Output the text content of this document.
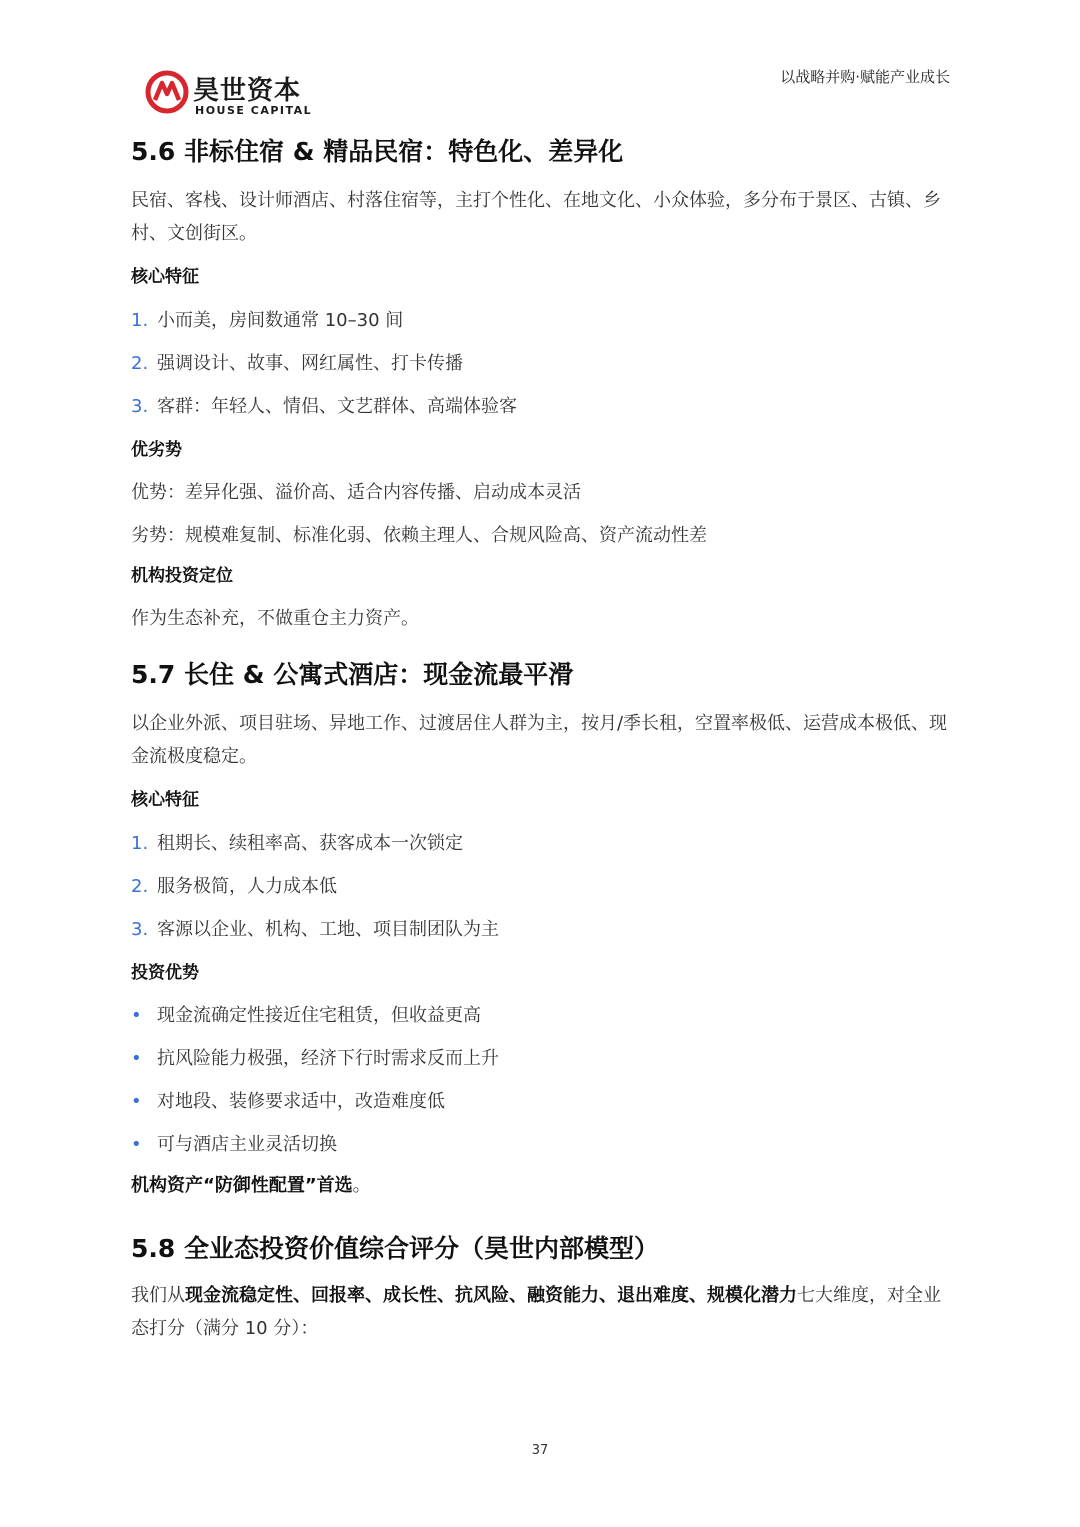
昊世资本
HOUSE CAPITAL
以战略并购·赋能产业成长
5.6 非标住宿 & 精品民宿：特色化、差异化

民宿、客栈、设计师酒店、村落住宿等，主打个性化、在地文化、小众体验，多分布于景区、古镇、乡村、文创街区。

核心特征
1. 小而美，房间数通常 10–30 间
2. 强调设计、故事、网红属性、打卡传播
3. 客群：年轻人、情侣、文艺群体、高端体验客
优劣势

优势：差异化强、溢价高、适合内容传播、启动成本灵活

劣势：规模难复制、标准化弱、依赖主理人、合规风险高、资产流动性差

机构投资定位

作为生态补充，不做重仓主力资产。

5.7 长住 & 公寓式酒店：现金流最平滑

以企业外派、项目驻场、异地工作、过渡居住人群为主，按月/季长租，空置率极低、运营成本极低、现金流极度稳定。

核心特征
1. 租期长、续租率高、获客成本一次锁定
2. 服务极简，人力成本低
3. 客源以企业、机构、工地、项目制团队为主
投资优势
• 现金流确定性接近住宅租赁，但收益更高
• 抗风险能力极强，经济下行时需求反而上升
• 对地段、装修要求适中，改造难度低
• 可与酒店主业灵活切换

机构资产“防御性配置”首选。

5.8 全业态投资价值综合评分（昊世内部模型）

我们从现金流稳定性、回报率、成长性、抗风险、融资能力、退出难度、规模化潜力七大维度，对全业态打分（满分 10 分）：

37
